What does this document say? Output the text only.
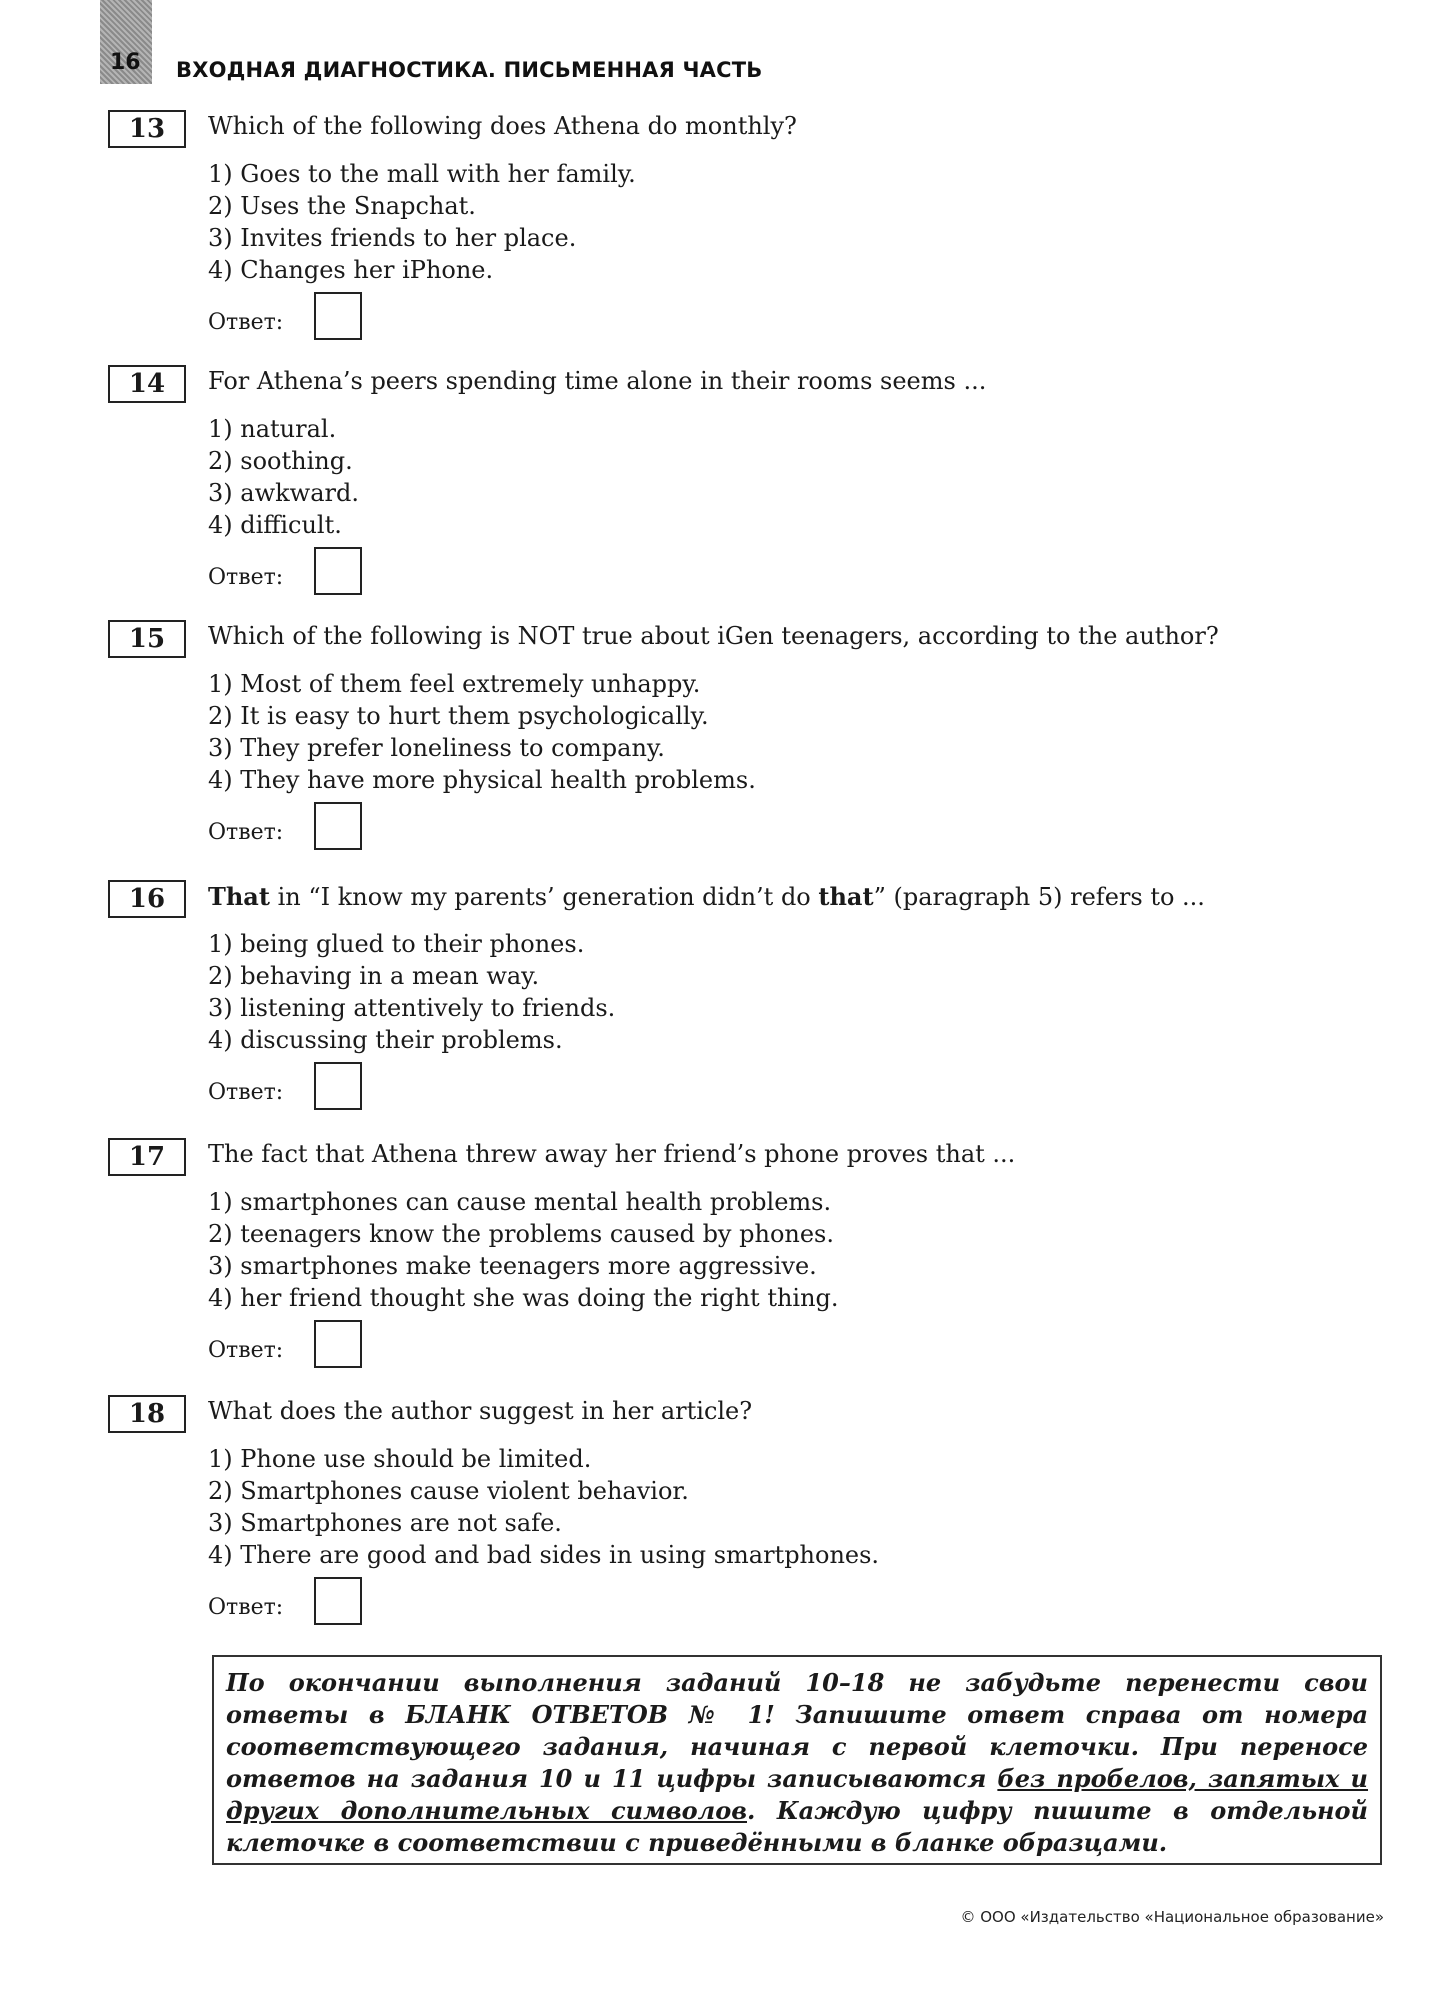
16 ВХОДНАЯ ДИАГНОСТИКА. ПИСЬМЕННАЯ ЧАСТЬ
13	Which of the following does Athena do monthly?
1) Goes to the mall with her family.
2) Uses the Snapchat.
3) Invites friends to her place.
4) Changes her iPhone.
Ответ:
14	For Athena’s peers spending time alone in their rooms seems ...
1) natural.
2) soothing.
3) awkward.
4) difficult.
Ответ:
15	Which of the following is NOT true about iGen teenagers, according to the author?
1) Most of them feel extremely unhappy.
2) It is easy to hurt them psychologically.
3) They prefer loneliness to company.
4) They have more physical health problems.
Ответ:
16	That in “I know my parents’ generation didn’t do that” (paragraph 5) refers to ...
1) being glued to their phones.
2) behaving in a mean way.
3) listening attentively to friends.
4) discussing their problems.
Ответ:
17	The fact that Athena threw away her friend’s phone proves that ...
1) smartphones can cause mental health problems.
2) teenagers know the problems caused by phones.
3) smartphones make teenagers more aggressive.
4) her friend thought she was doing the right thing.
Ответ:
18	What does the author suggest in her article?
1) Phone use should be limited.
2) Smartphones cause violent behavior.
3) Smartphones are not safe.
4) There are good and bad sides in using smartphones.
Ответ:
По окончании выполнения заданий 10–18 не забудьте перенести свои ответы в БЛАНК ОТВЕТОВ № 1! Запишите ответ справа от номера соответствующего задания, начиная с первой клеточки. При переносе ответов на задания 10 и 11 цифры записываются без пробелов, запятых и других дополнительных символов. Каждую цифру пишите в отдельной клеточке в соответствии с приведёнными в бланке образцами.
© ООО «Издательство «Национальное образование»
